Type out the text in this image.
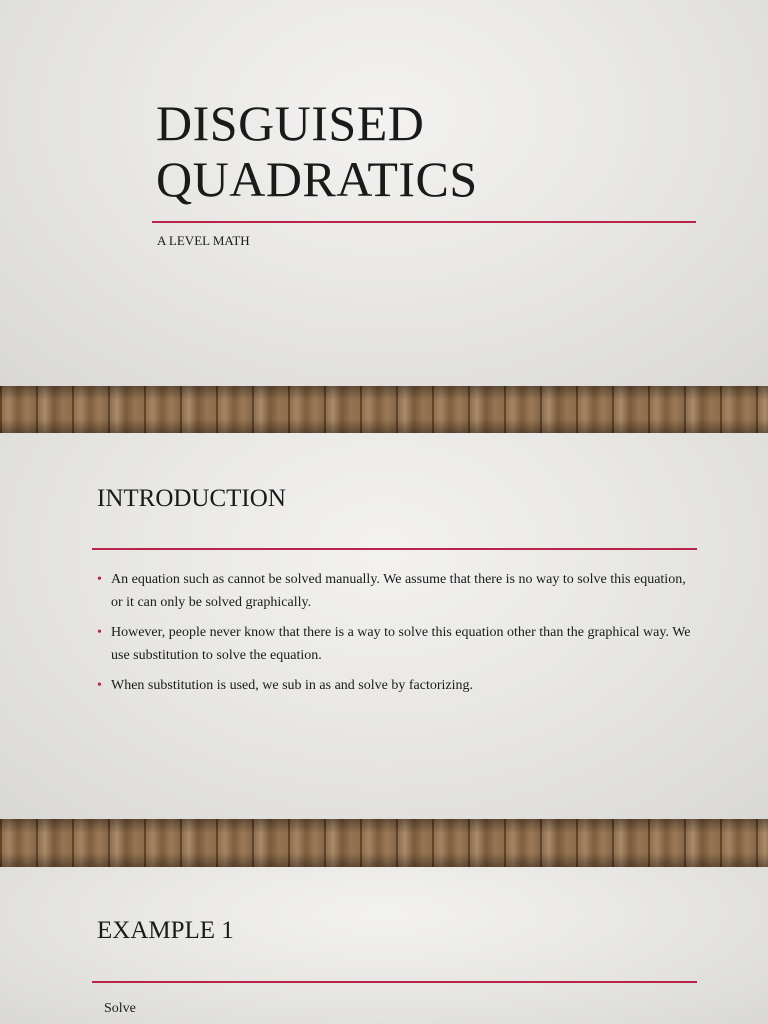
DISGUISED
QUADRATICS

A LEVEL MATH

INTRODUCTION
• An equation such as cannot be solved manually. We assume that there is no way to solve this equation, or it can only be solved graphically.
• However, people never know that there is a way to solve this equation other than the graphical way. We use substitution to solve the equation.
• When substitution is used, we sub in as and solve by factorizing.
EXAMPLE 1

Solve
